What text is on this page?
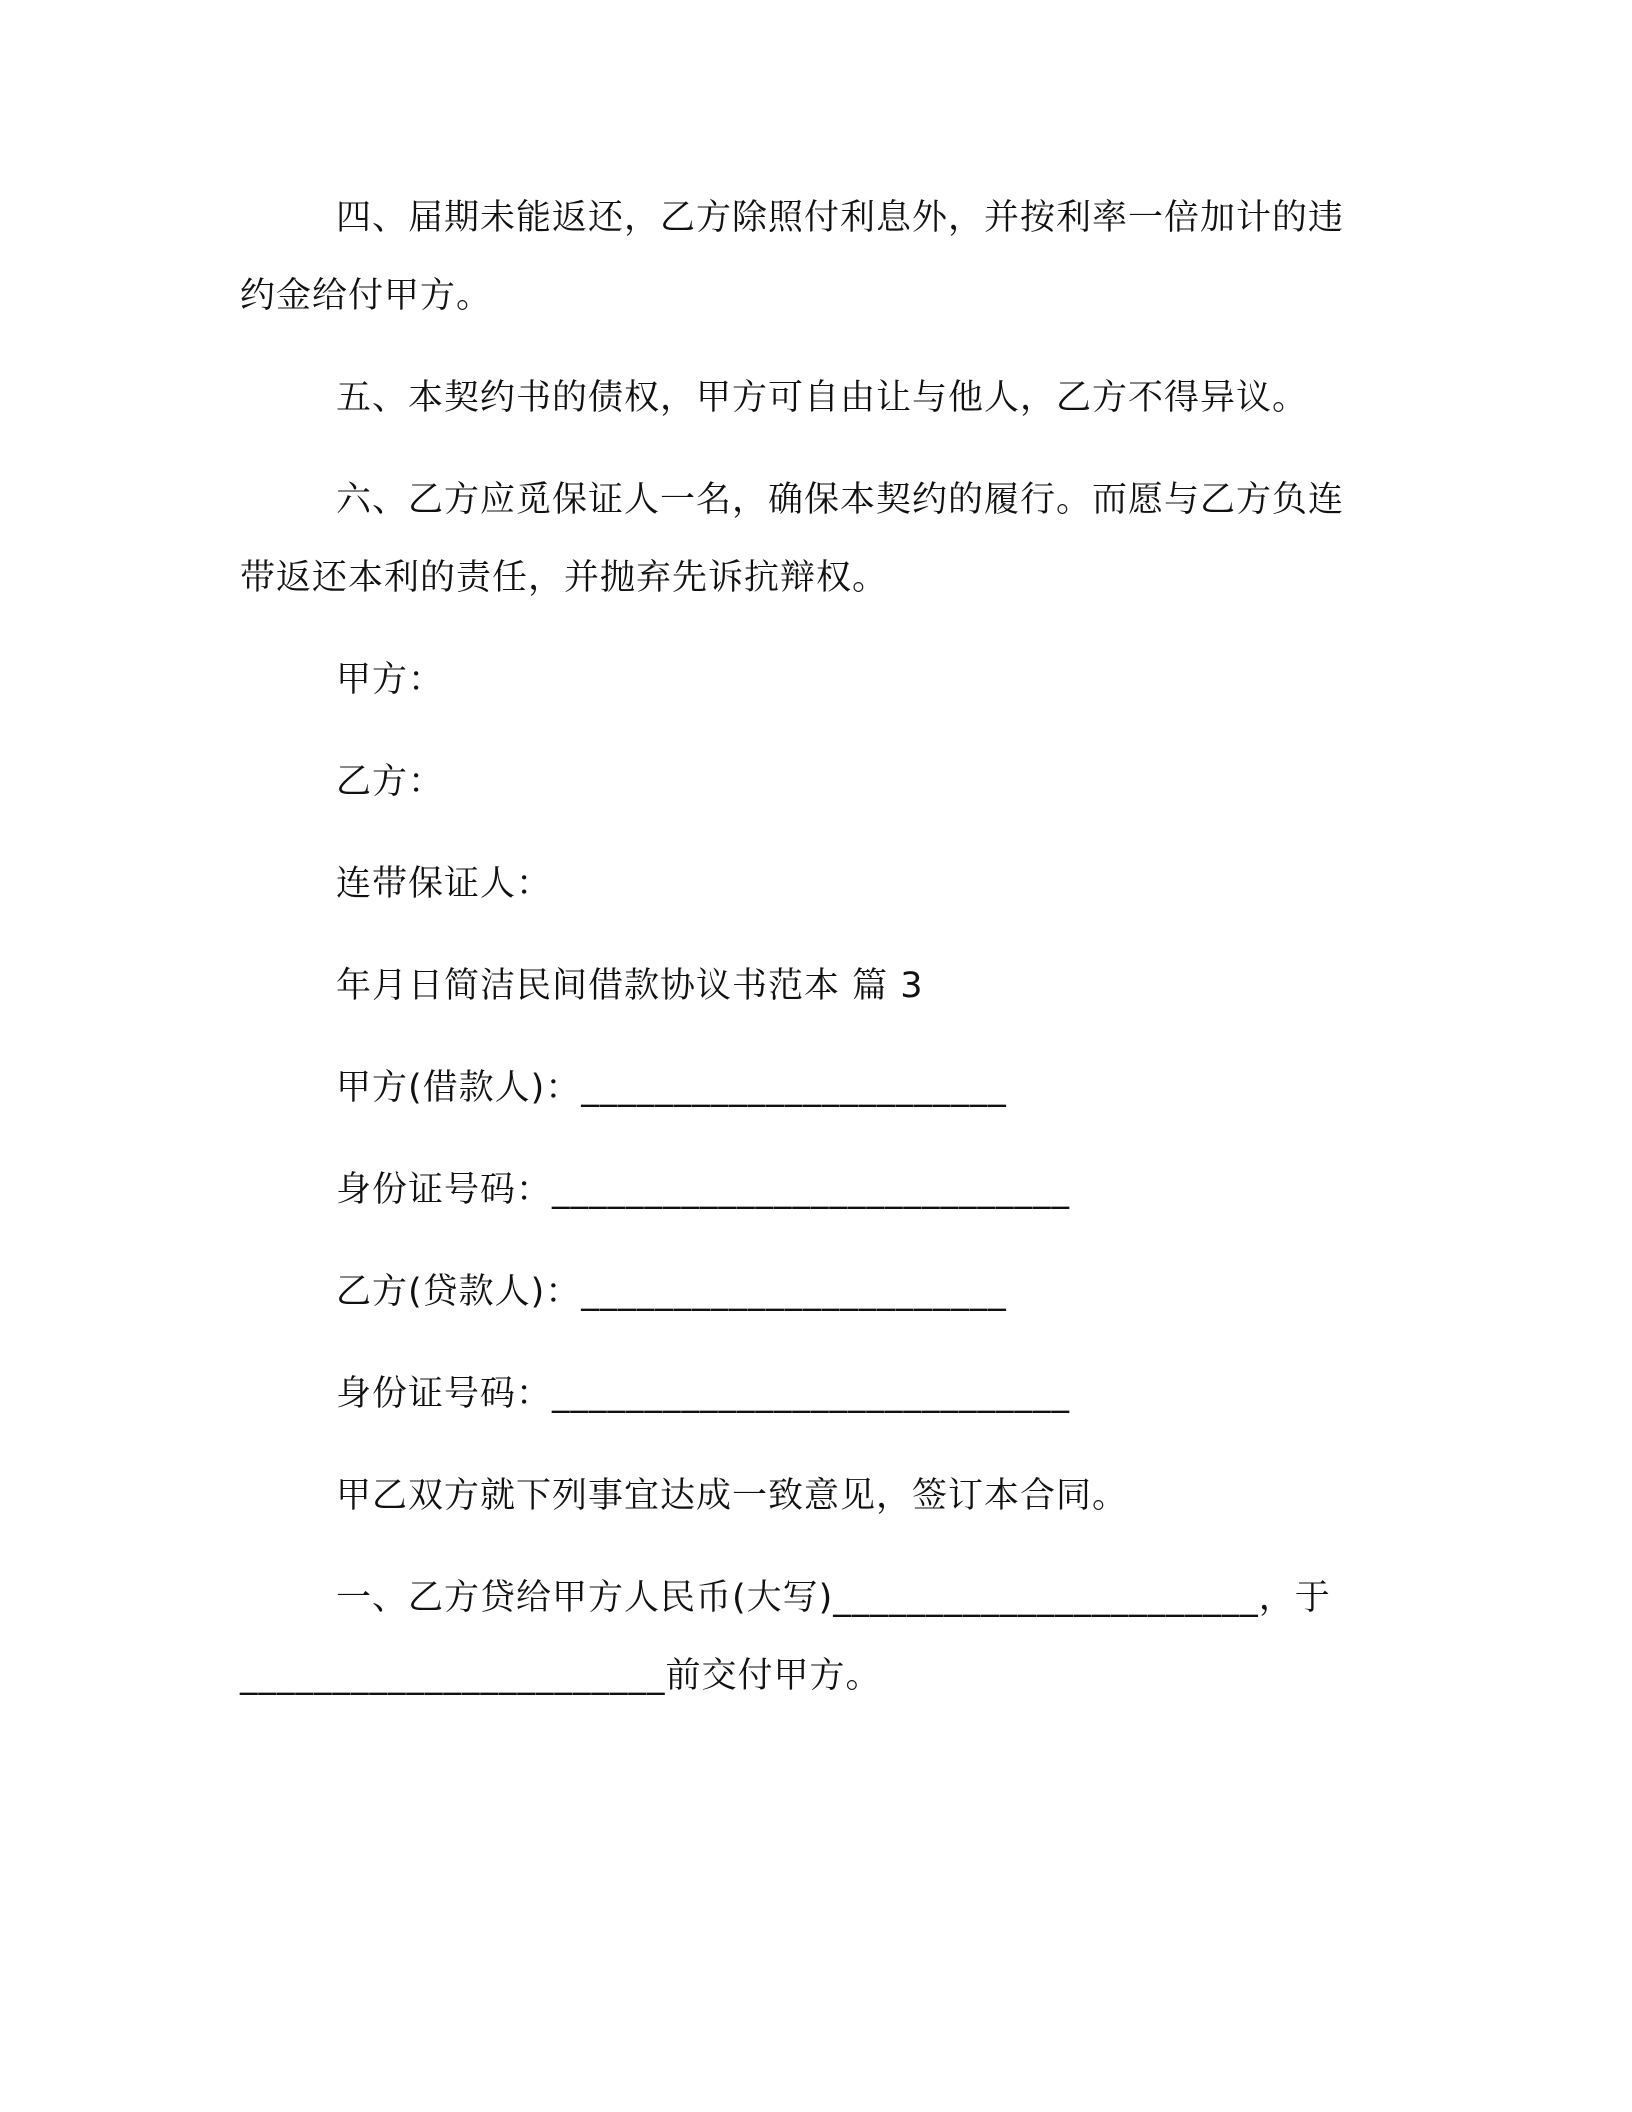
四、届期未能返还，乙方除照付利息外，并按利率一倍加计的违
约金给付甲方。
五、本契约书的债权，甲方可自由让与他人，乙方不得异议。
六、乙方应觅保证人一名，确保本契约的履行。而愿与乙方负连
带返还本利的责任，并抛弃先诉抗辩权。
甲方：
乙方：
连带保证人：
年月日简洁民间借款协议书范本 篇 3
甲方(借款人)：_______________________
身份证号码：____________________________
乙方(贷款人)：_______________________
身份证号码：____________________________
甲乙双方就下列事宜达成一致意见，签订本合同。
一、乙方贷给甲方人民币(大写)_______________________，于
_______________________前交付甲方。
